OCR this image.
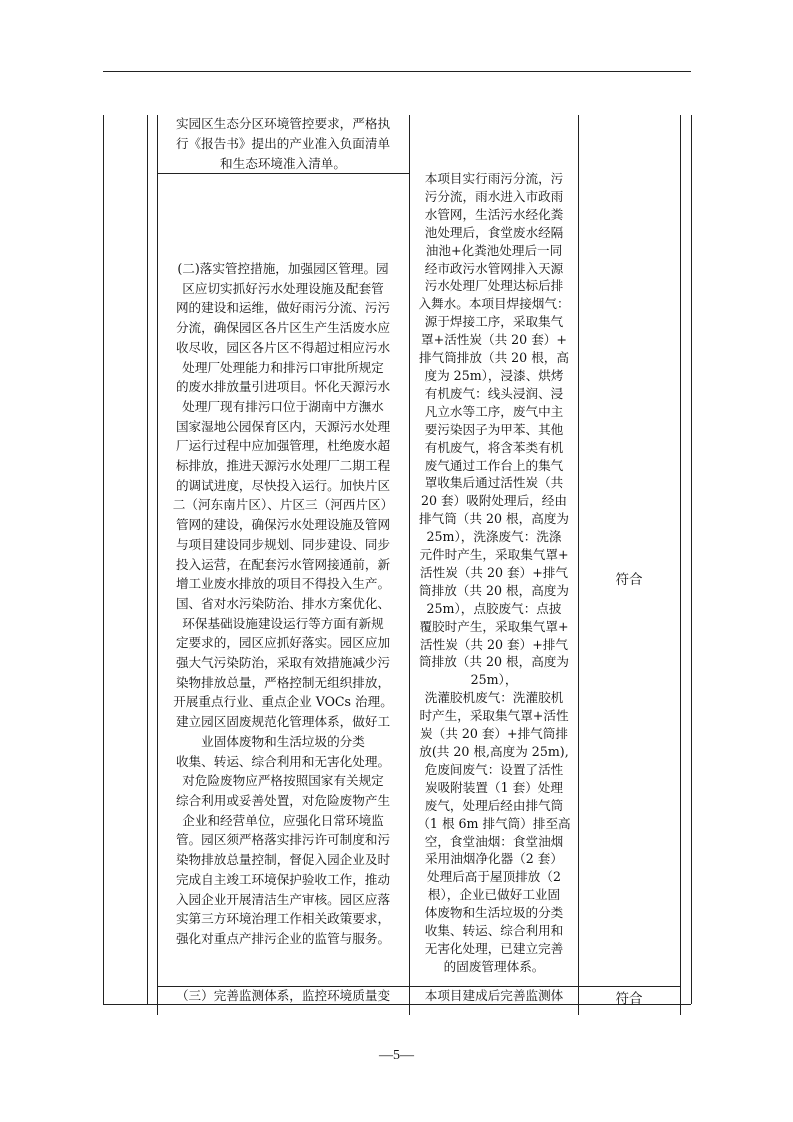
实园区生态分区环境管控要求，严格执
行《报告书》提出的产业准入负面清单
和生态环境准入清单。
(二)落实管控措施，加强园区管理。园
区应切实抓好污水处理设施及配套管
网的建设和运维，做好雨污分流、污污
分流，确保园区各片区生产生活废水应
收尽收，园区各片区不得超过相应污水
处理厂处理能力和排污口审批所规定
的废水排放量引进项目。怀化天源污水
处理厂现有排污口位于湖南中方潕水
国家湿地公园保育区内，天源污水处理
厂运行过程中应加强管理，杜绝废水超
标排放，推进天源污水处理厂二期工程
的调试进度，尽快投入运行。加快片区
二（河东南片区）、片区三（河西片区）
管网的建设，确保污水处理设施及管网
与项目建设同步规划、同步建设、同步
投入运营，在配套污水管网接通前，新
增工业废水排放的项目不得投入生产。
国、省对水污染防治、排水方案优化、
环保基础设施建设运行等方面有新规
定要求的，园区应抓好落实。园区应加
强大气污染防治，采取有效措施减少污
染物排放总量，严格控制无组织排放，
开展重点行业、重点企业 VOCs 治理。
建立园区固废规范化管理体系，做好工
业固体废物和生活垃圾的分类
收集、转运、综合利用和无害化处理。
对危险废物应严格按照国家有关规定
综合利用或妥善处置，对危险废物产生
企业和经营单位，应强化日常环境监
管。园区须严格落实排污许可制度和污
染物排放总量控制，督促入园企业及时
完成自主竣工环境保护验收工作，推动
入园企业开展清洁生产审核。园区应落
实第三方环境治理工作相关政策要求，
强化对重点产排污企业的监管与服务。
本项目实行雨污分流，污
污分流，雨水进入市政雨
水管网，生活污水经化粪
池处理后，食堂废水经隔
油池+化粪池处理后一同
经市政污水管网排入天源
污水处理厂处理达标后排
入舞水。本项目焊接烟气：
源于焊接工序，采取集气
罩+活性炭（共 20 套）+
排气筒排放（共 20 根，高
度为 25m），浸漆、烘烤
有机废气：线头浸润、浸
凡立水等工序，废气中主
要污染因子为甲苯、其他
有机废气，将含苯类有机
废气通过工作台上的集气
罩收集后通过活性炭（共
20 套）吸附处理后，经由
排气筒（共 20 根，高度为
25m），洗涤废气：洗涤
元件时产生，采取集气罩+
活性炭（共 20 套）+排气
筒排放（共 20 根，高度为
25m），点胶废气：点披
覆胶时产生，采取集气罩+
活性炭（共 20 套）+排气
筒排放（共 20 根，高度为
25m），
洗灌胶机废气：洗灌胶机
时产生，采取集气罩+活性
炭（共 20 套）+排气筒排
放(共 20 根,高度为 25m),
危废间废气：设置了活性
炭吸附装置（1 套）处理
废气，处理后经由排气筒
（1 根 6m 排气筒）排至高
空，食堂油烟：食堂油烟
采用油烟净化器（2 套）
处理后高于屋顶排放（2
根），企业已做好工业固
体废物和生活垃圾的分类
收集、转运、综合利用和
无害化处理，已建立完善
的固废管理体系。
符合
（三）完善监测体系，监控环境质量变	本项目建成后完善监测体	符合
—5—
